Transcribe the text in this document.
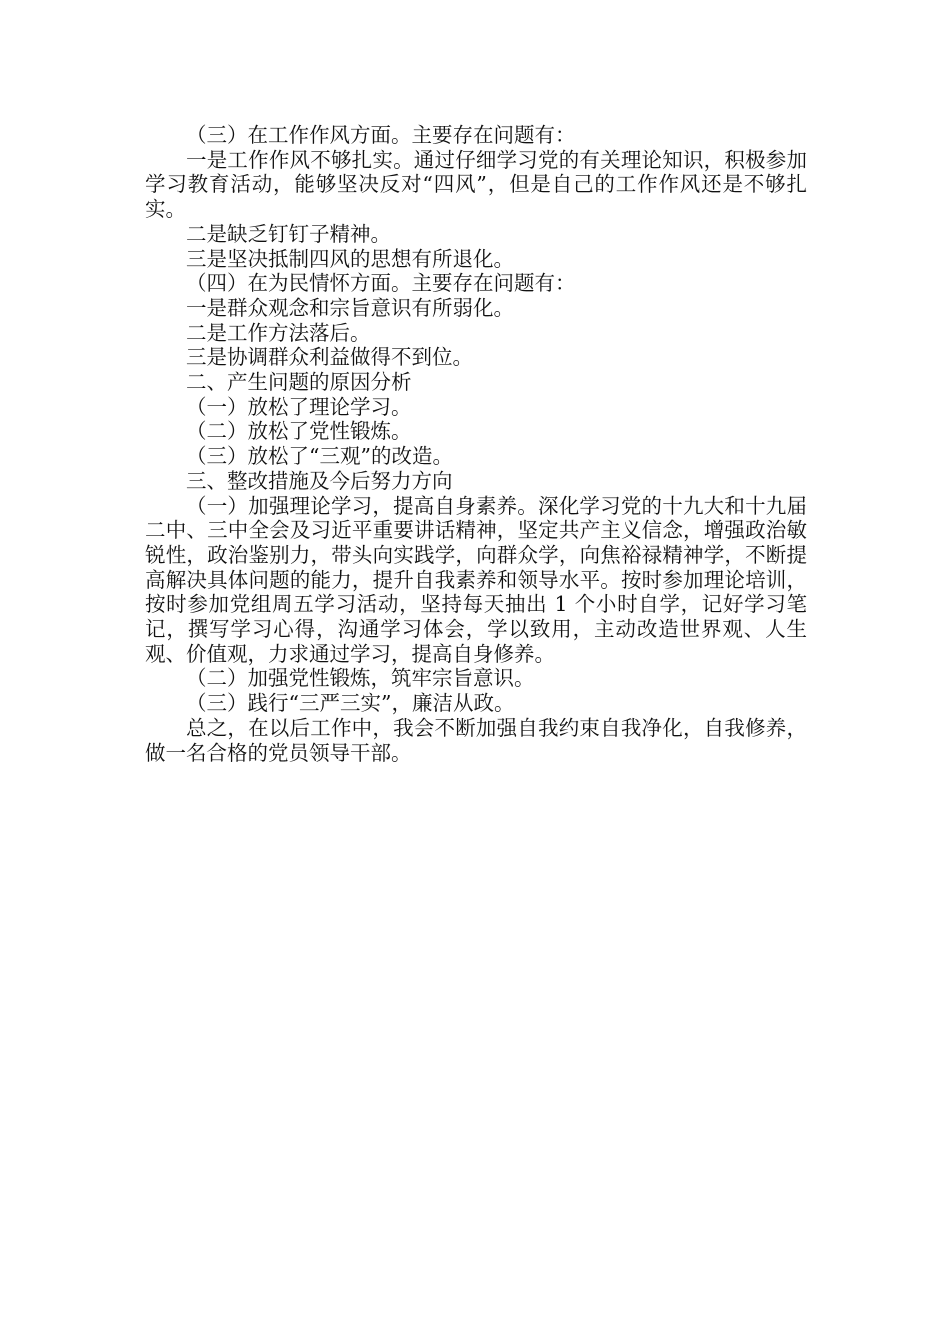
（三）在工作作风方面。主要存在问题有：

一是工作作风不够扎实。通过仔细学习党的有关理论知识，积极参加学习教育活动，能够坚决反对“四风”，但是自己的工作作风还是不够扎实。

二是缺乏钉钉子精神。

三是坚决抵制四风的思想有所退化。

（四）在为民情怀方面。主要存在问题有：

一是群众观念和宗旨意识有所弱化。

二是工作方法落后。

三是协调群众利益做得不到位。

二、产生问题的原因分析

（一）放松了理论学习。

（二）放松了党性锻炼。

（三）放松了“三观”的改造。

三、整改措施及今后努力方向

（一）加强理论学习，提高自身素养。深化学习党的十九大和十九届二中、三中全会及习近平重要讲话精神，坚定共产主义信念，增强政治敏锐性，政治鉴别力，带头向实践学，向群众学，向焦裕禄精神学，不断提高解决具体问题的能力，提升自我素养和领导水平。按时参加理论培训，按时参加党组周五学习活动，坚持每天抽出 1 个小时自学，记好学习笔记，撰写学习心得，沟通学习体会，学以致用，主动改造世界观、人生观、价值观，力求通过学习，提高自身修养。

（二）加强党性锻炼，筑牢宗旨意识。

（三）践行“三严三实”，廉洁从政。

总之，在以后工作中，我会不断加强自我约束自我净化，自我修养，做一名合格的党员领导干部。
